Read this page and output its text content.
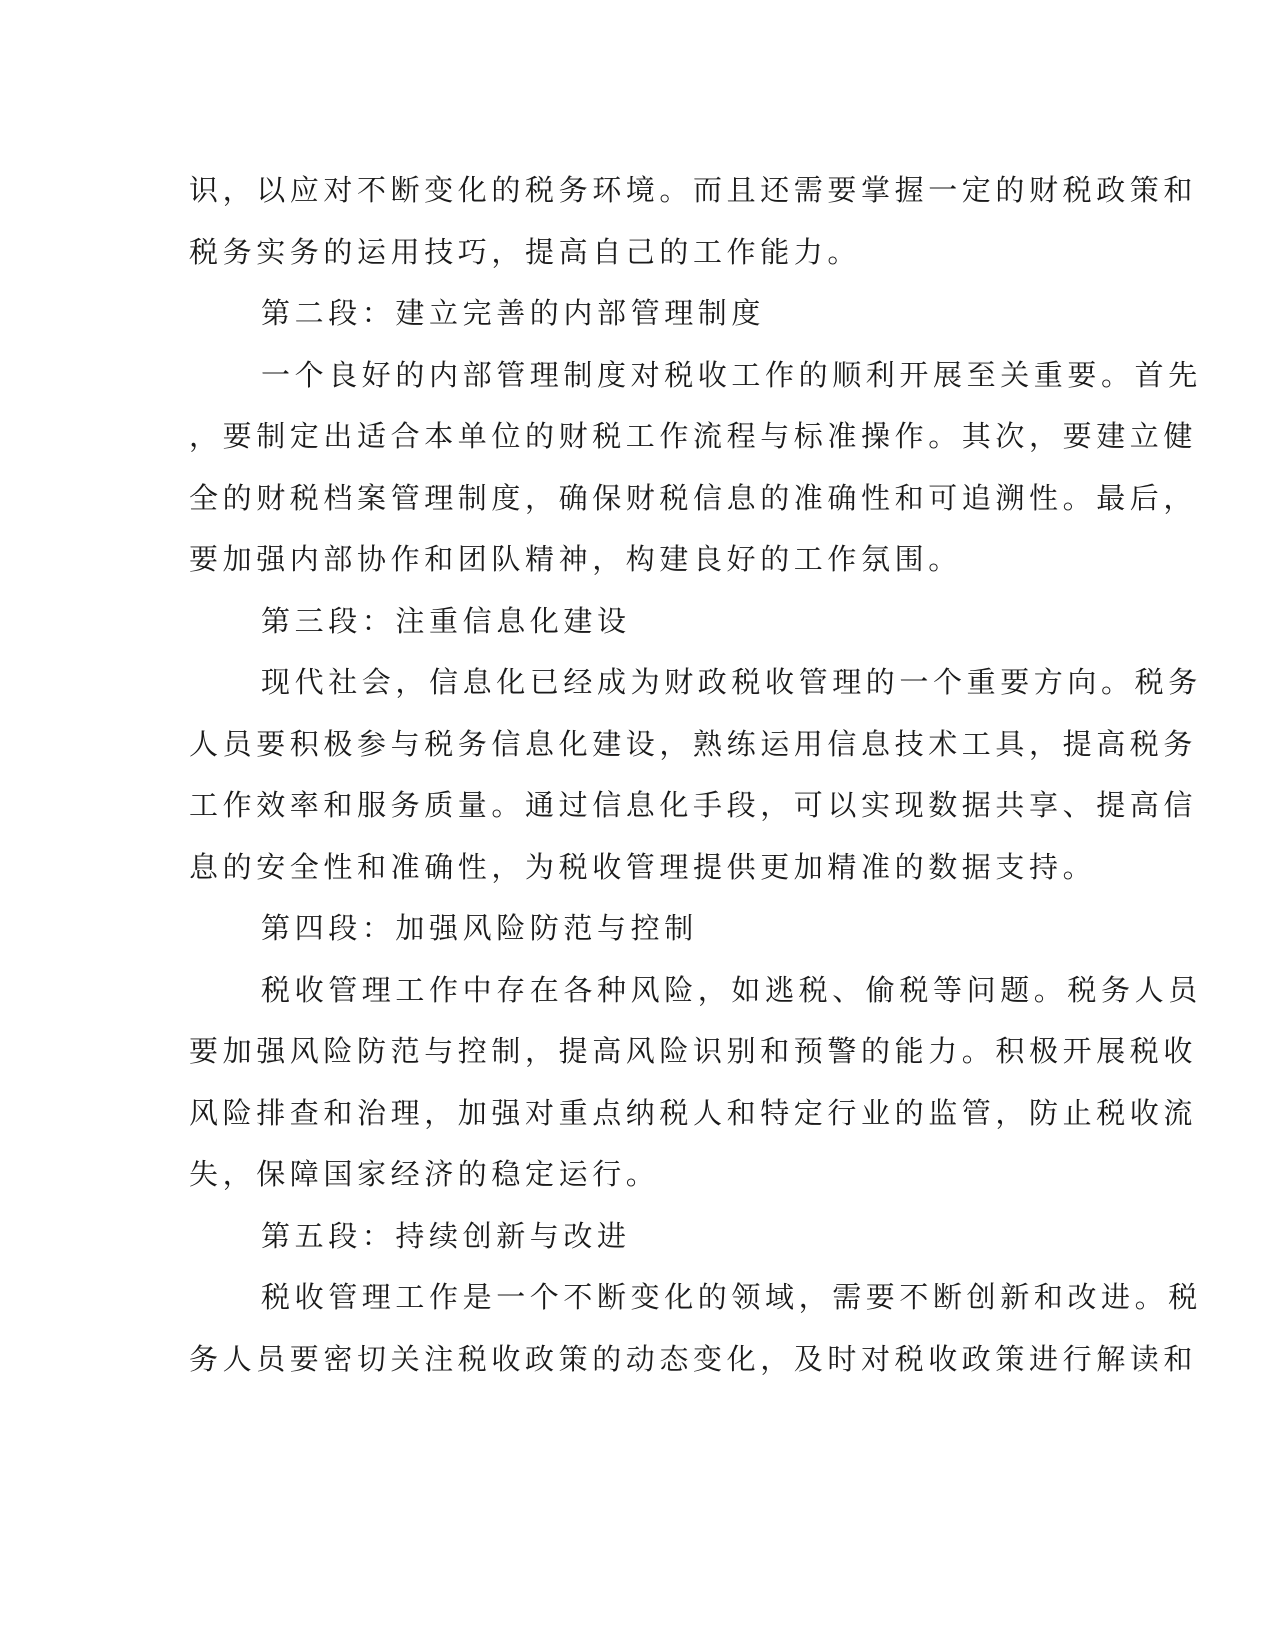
识，以应对不断变化的税务环境。而且还需要掌握一定的财税政策和
税务实务的运用技巧，提高自己的工作能力。
第二段：建立完善的内部管理制度
一个良好的内部管理制度对税收工作的顺利开展至关重要。首先
，要制定出适合本单位的财税工作流程与标准操作。其次，要建立健
全的财税档案管理制度，确保财税信息的准确性和可追溯性。最后，
要加强内部协作和团队精神，构建良好的工作氛围。
第三段：注重信息化建设
现代社会，信息化已经成为财政税收管理的一个重要方向。税务
人员要积极参与税务信息化建设，熟练运用信息技术工具，提高税务
工作效率和服务质量。通过信息化手段，可以实现数据共享、提高信
息的安全性和准确性，为税收管理提供更加精准的数据支持。
第四段：加强风险防范与控制
税收管理工作中存在各种风险，如逃税、偷税等问题。税务人员
要加强风险防范与控制，提高风险识别和预警的能力。积极开展税收
风险排查和治理，加强对重点纳税人和特定行业的监管，防止税收流
失，保障国家经济的稳定运行。
第五段：持续创新与改进
税收管理工作是一个不断变化的领域，需要不断创新和改进。税
务人员要密切关注税收政策的动态变化，及时对税收政策进行解读和
